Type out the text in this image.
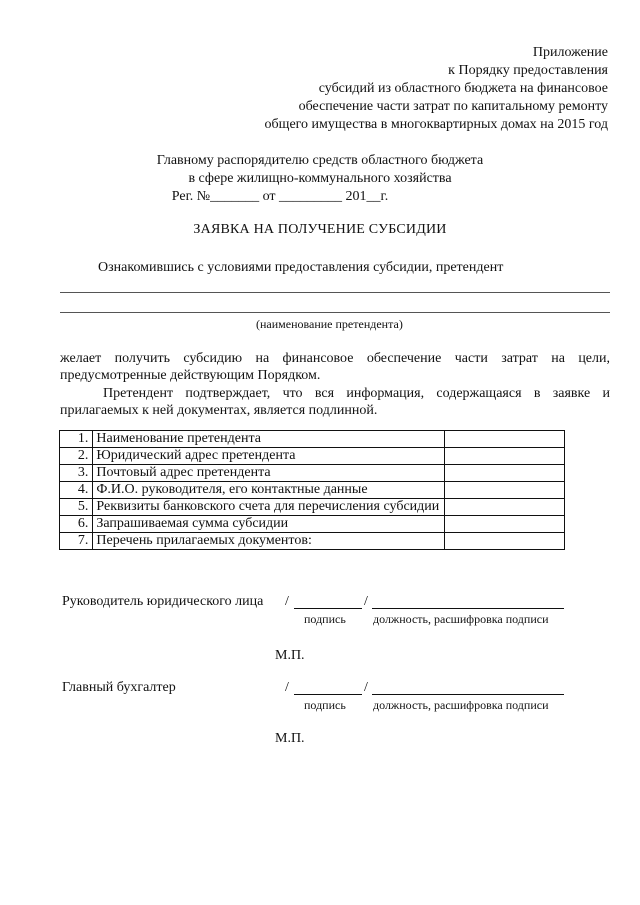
Приложение
к Порядку предоставления
субсидий из областного бюджета на финансовое
обеспечение части затрат по капитальному ремонту
общего имущества в многоквартирных домах на 2015 год
Главному распорядителю средств областного бюджета
в сфере жилищно-коммунального хозяйства
Рег. №_______ от _________ 201__г.
ЗАЯВКА НА ПОЛУЧЕНИЕ СУБСИДИИ
Ознакомившись с условиями предоставления субсидии, претендент
(наименование претендента)
желает получить субсидию на финансовое обеспечение части затрат на цели,
предусмотренные действующим Порядком.
Претендент подтверждает, что вся информация, содержащаяся в заявке и
прилагаемых к ней документах, является подлинной.
1.	Наименование претендента	
2.	Юридический адрес претендента	
3.	Почтовый адрес претендента	
4.	Ф.И.О. руководителя, его контактные данные	
5.	Реквизиты банковского счета для перечисления субсидии	
6.	Запрашиваемая сумма субсидии	
7.	Перечень прилагаемых документов:	
Руководитель юридического лица /	/
подпись должность, расшифровка подписи
М.П.
Главный бухгалтер	/	/
подпись должность, расшифровка подписи
М.П.
